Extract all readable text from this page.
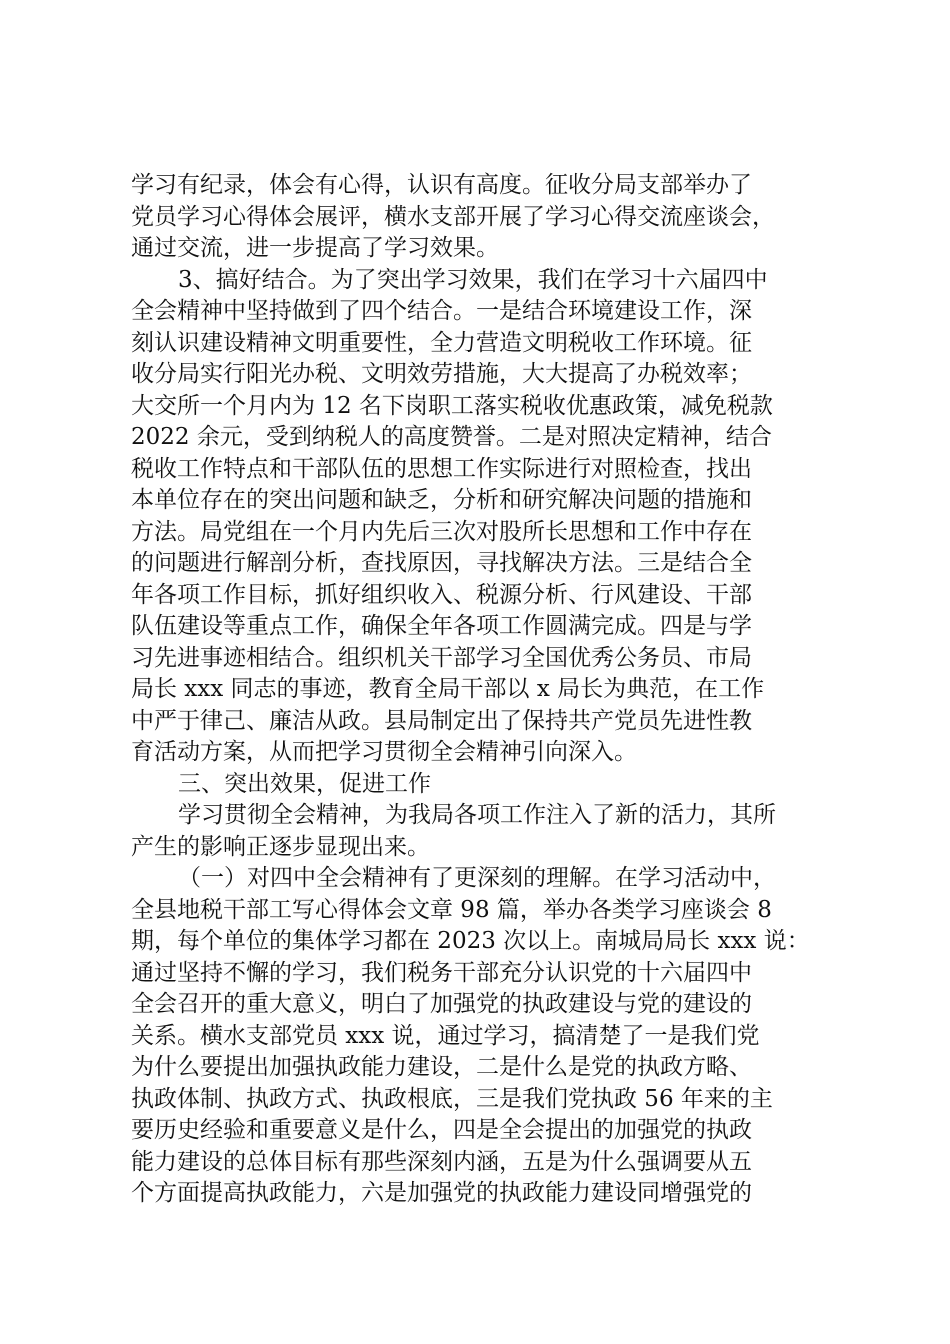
学习有纪录，体会有心得，认识有高度。征收分局支部举办了
党员学习心得体会展评，横水支部开展了学习心得交流座谈会，
通过交流，进一步提高了学习效果。
3、搞好结合。为了突出学习效果，我们在学习十六届四中
全会精神中坚持做到了四个结合。一是结合环境建设工作，深
刻认识建设精神文明重要性，全力营造文明税收工作环境。征
收分局实行阳光办税、文明效劳措施，大大提高了办税效率；
大交所一个月内为 12 名下岗职工落实税收优惠政策，减免税款
2022 余元，受到纳税人的高度赞誉。二是对照决定精神，结合
税收工作特点和干部队伍的思想工作实际进行对照检查，找出
本单位存在的突出问题和缺乏，分析和研究解决问题的措施和
方法。局党组在一个月内先后三次对股所长思想和工作中存在
的问题进行解剖分析，查找原因，寻找解决方法。三是结合全
年各项工作目标，抓好组织收入、税源分析、行风建设、干部
队伍建设等重点工作，确保全年各项工作圆满完成。四是与学
习先进事迹相结合。组织机关干部学习全国优秀公务员、市局
局长 xxx 同志的事迹，教育全局干部以 x 局长为典范，在工作
中严于律己、廉洁从政。县局制定出了保持共产党员先进性教
育活动方案，从而把学习贯彻全会精神引向深入。
三、突出效果，促进工作
学习贯彻全会精神，为我局各项工作注入了新的活力，其所
产生的影响正逐步显现出来。
（一）对四中全会精神有了更深刻的理解。在学习活动中，
全县地税干部工写心得体会文章 98 篇，举办各类学习座谈会 8
期，每个单位的集体学习都在 2023 次以上。南城局局长 xxx 说：
通过坚持不懈的学习，我们税务干部充分认识党的十六届四中
全会召开的重大意义，明白了加强党的执政建设与党的建设的
关系。横水支部党员 xxx 说，通过学习，搞清楚了一是我们党
为什么要提出加强执政能力建设，二是什么是党的执政方略、
执政体制、执政方式、执政根底，三是我们党执政 56 年来的主
要历史经验和重要意义是什么，四是全会提出的加强党的执政
能力建设的总体目标有那些深刻内涵，五是为什么强调要从五
个方面提高执政能力，六是加强党的执政能力建设同增强党的
